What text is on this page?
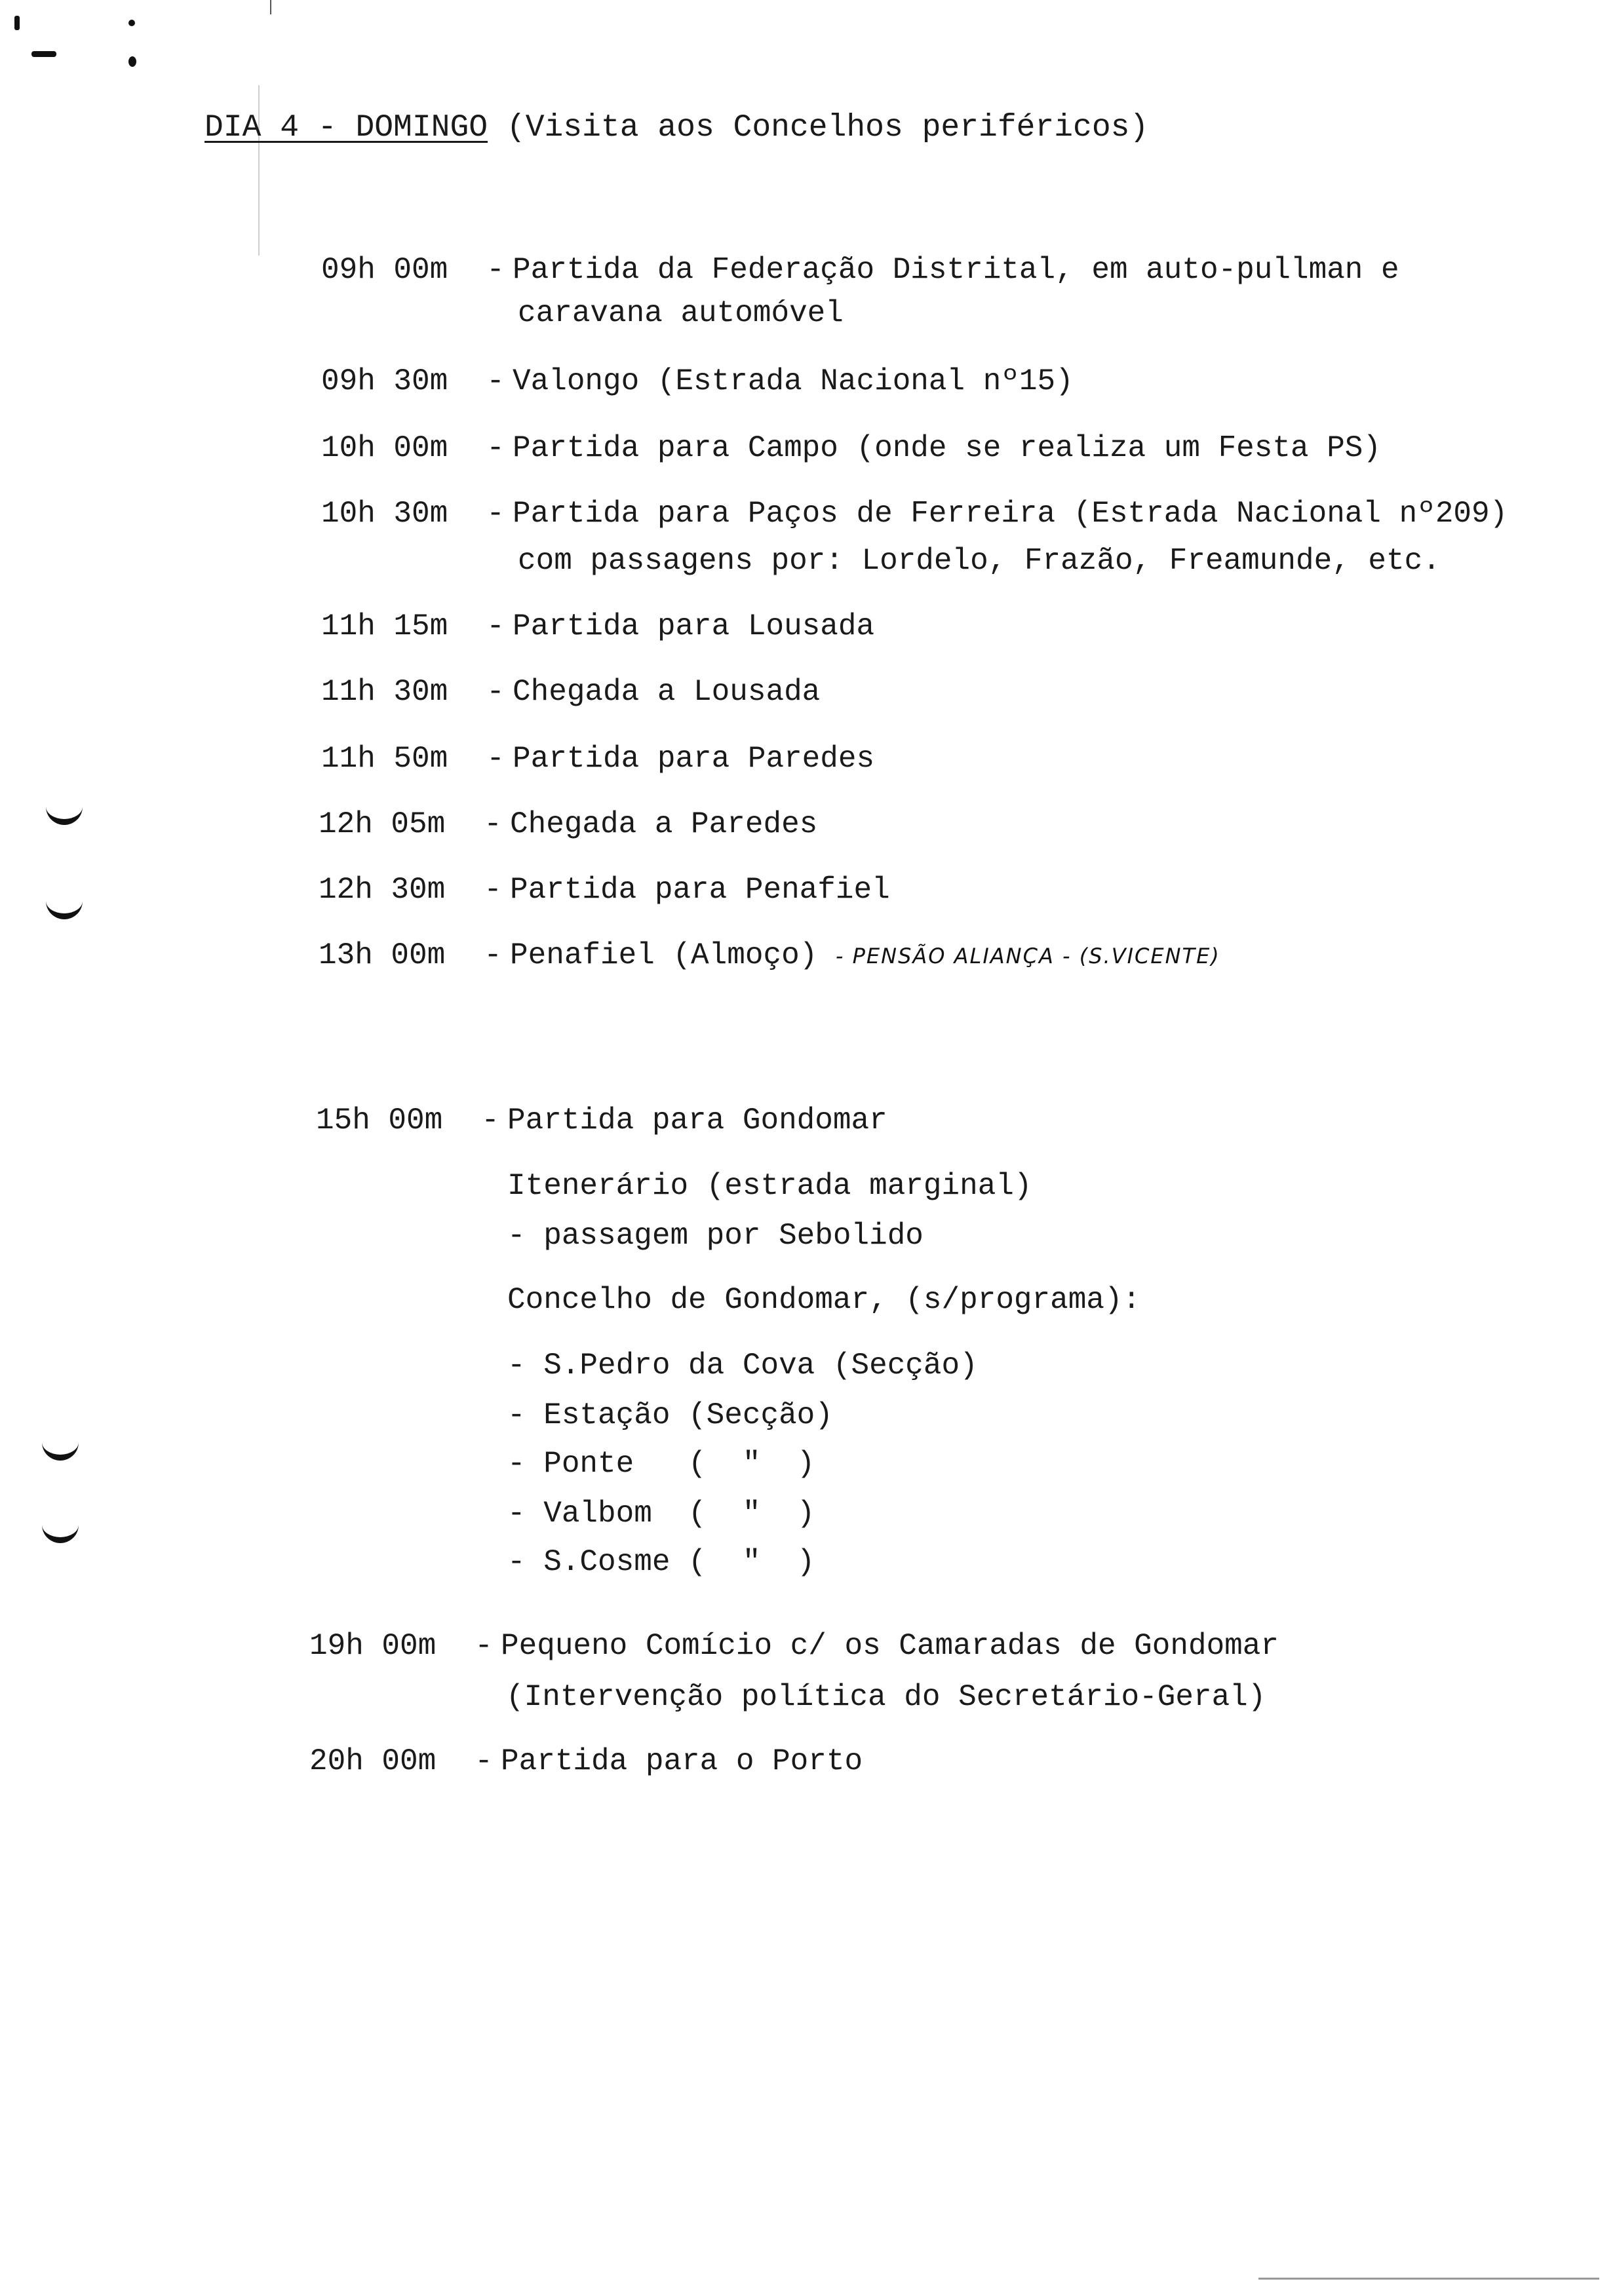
DIA 4 - DOMINGO (Visita aos Concelhos periféricos)
09h 00m - Partida da Federação Distrital, em auto-pullman e
caravana automóvel
09h 30m - Valongo (Estrada Nacional nº15)
10h 00m - Partida para Campo (onde se realiza um Festa PS)
10h 30m - Partida para Paços de Ferreira (Estrada Nacional nº209)
com passagens por: Lordelo, Frazão, Freamunde, etc.
11h 15m - Partida para Lousada
11h 30m - Chegada a Lousada
11h 50m - Partida para Paredes
12h 05m - Chegada a Paredes
12h 30m - Partida para Penafiel
13h 00m - Penafiel (Almoço) - PENSÃO ALIANÇA - (S.VICENTE)
15h 00m - Partida para Gondomar
Itenerário (estrada marginal)
- passagem por Sebolido
Concelho de Gondomar, (s/programa):
- S.Pedro da Cova (Secção)
- Estação (Secção)
- Ponte   (  "  )
- Valbom  (  "  )
- S.Cosme (  "  )
19h 00m - Pequeno Comício c/ os Camaradas de Gondomar
(Intervenção política do Secretário-Geral)
20h 00m - Partida para o Porto
